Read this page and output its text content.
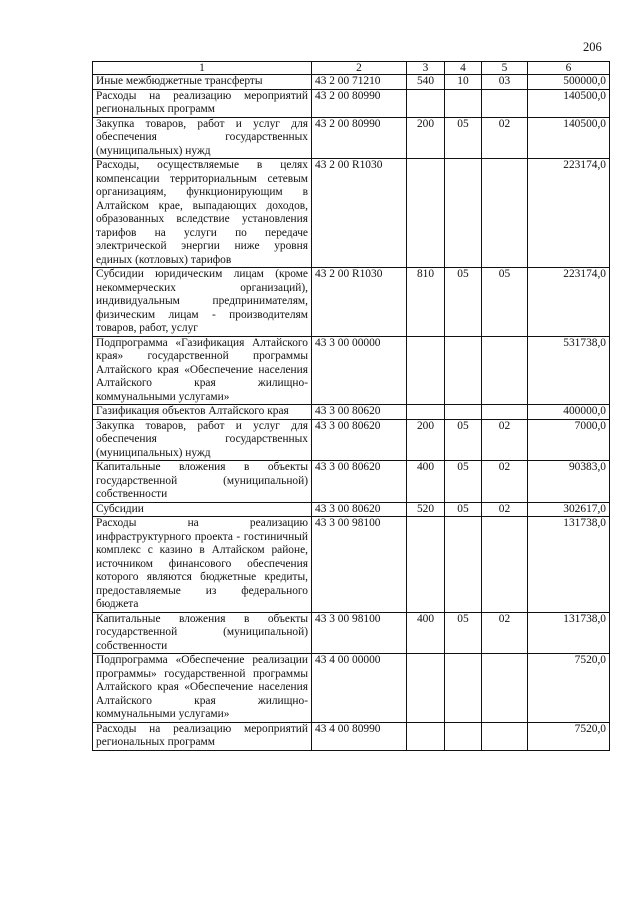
206
1	2	3	4	5	6
Иные межбюджетные трансферты	43 2 00 71210	540	10	03	500000,0
Расходы на реализацию мероприятий региональных программ	43 2 00 80990				140500,0
Закупка товаров, работ и услуг для обеспечения государственных (муниципальных) нужд	43 2 00 80990	200	05	02	140500,0
Расходы, осуществляемые в целях компенсации территориальным сетевым организациям, функционирующим в Алтайском крае, выпадающих доходов, образованных вследствие установления тарифов на услуги по передаче электрической энергии ниже уровня единых (котловых) тарифов	43 2 00 R1030				223174,0
Субсидии юридическим лицам (кроме некоммерческих организаций), индивидуальным предпринимателям, физическим лицам - производителям товаров, работ, услуг	43 2 00 R1030	810	05	05	223174,0
Подпрограмма «Газификация Алтайского края» государственной программы Алтайского края «Обеспечение населения Алтайского края жилищно-коммунальными услугами»	43 3 00 00000				531738,0
Газификация объектов Алтайского края	43 3 00 80620				400000,0
Закупка товаров, работ и услуг для обеспечения государственных (муниципальных) нужд	43 3 00 80620	200	05	02	7000,0
Капитальные вложения в объекты государственной (муниципальной) собственности	43 3 00 80620	400	05	02	90383,0
Субсидии	43 3 00 80620	520	05	02	302617,0
Расходы на реализацию инфраструктурного проекта - гостиничный комплекс с казино в Алтайском районе, источником финансового обеспечения которого являются бюджетные кредиты, предоставляемые из федерального бюджета	43 3 00 98100				131738,0
Капитальные вложения в объекты государственной (муниципальной) собственности	43 3 00 98100	400	05	02	131738,0
Подпрограмма «Обеспечение реализации программы» государственной программы Алтайского края «Обеспечение населения Алтайского края жилищно-коммунальными услугами»	43 4 00 00000				7520,0
Расходы на реализацию мероприятий региональных программ	43 4 00 80990				7520,0
